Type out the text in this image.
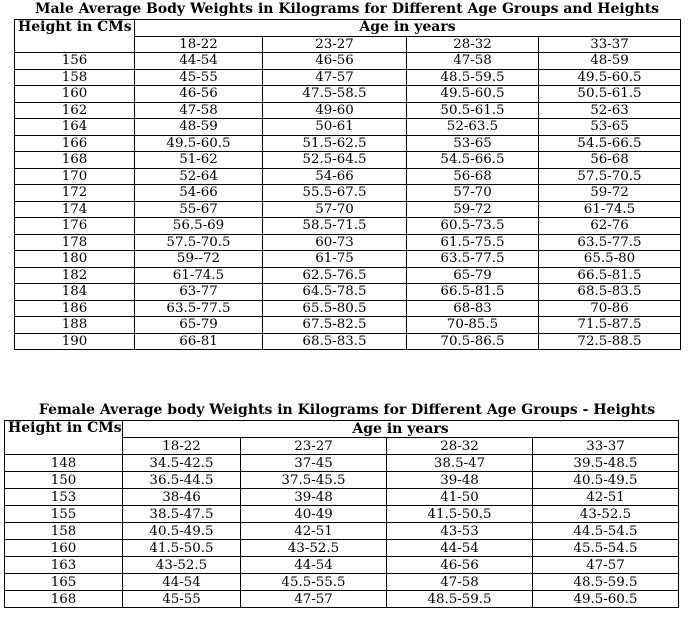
Male Average Body Weights in Kilograms for Different Age Groups and Heights
Height in CMs	Age in years			
	18-22	23-27	28-32	33-37
156	44-54	46-56	47-58	48-59
158	45-55	47-57	48.5-59.5	49.5-60.5
160	46-56	47.5-58.5	49.5-60.5	50.5-61.5
162	47-58	49-60	50.5-61.5	52-63
164	48-59	50-61	52-63.5	53-65
166	49.5-60.5	51.5-62.5	53-65	54.5-66.5
168	51-62	52.5-64.5	54.5-66.5	56-68
170	52-64	54-66	56-68	57.5-70.5
172	54-66	55.5-67.5	57-70	59-72
174	55-67	57-70	59-72	61-74.5
176	56.5-69	58.5-71.5	60.5-73.5	62-76
178	57.5-70.5	60-73	61.5-75.5	63.5-77.5
180	59--72	61-75	63.5-77.5	65.5-80
182	61-74.5	62.5-76.5	65-79	66.5-81.5
184	63-77	64.5-78.5	66.5-81.5	68.5-83.5
186	63.5-77.5	65.5-80.5	68-83	70-86
188	65-79	67.5-82.5	70-85.5	71.5-87.5
190	66-81	68.5-83.5	70.5-86.5	72.5-88.5
Female Average body Weights in Kilograms for Different Age Groups - Heights
Height in CMs	Age in years			
	18-22	23-27	28-32	33-37
148	34.5-42.5	37-45	38.5-47	39.5-48.5
150	36.5-44.5	37.5-45.5	39-48	40.5-49.5
153	38-46	39-48	41-50	42-51
155	38.5-47.5	40-49	41.5-50.5	43-52.5
158	40.5-49.5	42-51	43-53	44.5-54.5
160	41.5-50.5	43-52.5	44-54	45.5-54.5
163	43-52.5	44-54	46-56	47-57
165	44-54	45.5-55.5	47-58	48.5-59.5
168	45-55	47-57	48.5-59.5	49.5-60.5
